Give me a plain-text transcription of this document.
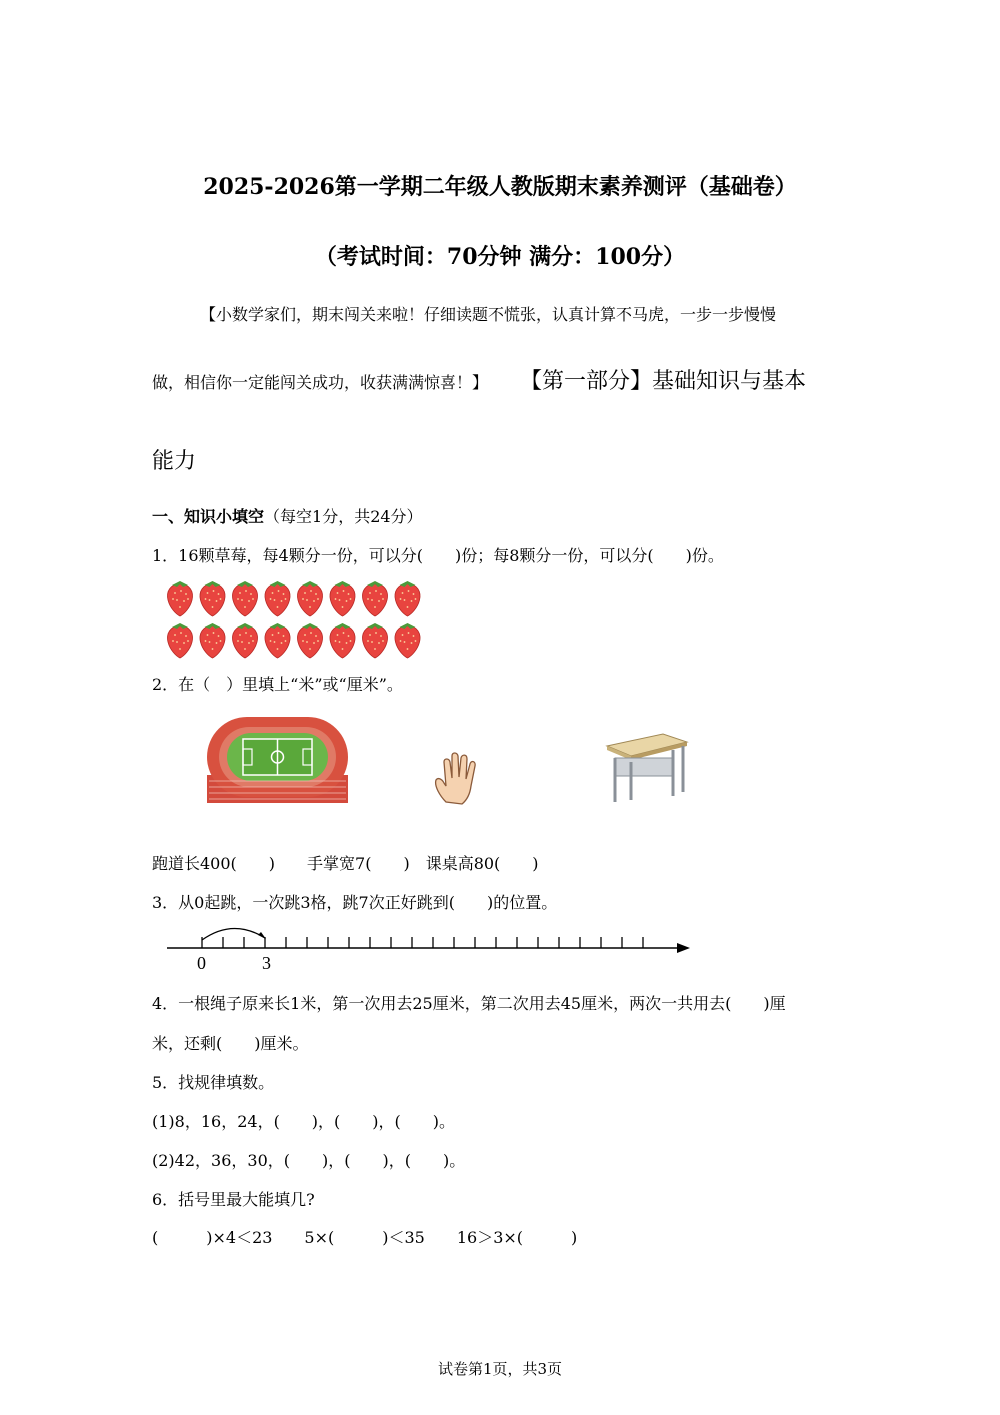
2025-2026第一学期二年级人教版期末素养测评（基础卷）
（考试时间：70分钟 满分：100分）
【小数学家们，期末闯关来啦！仔细读题不慌张，认真计算不马虎，一步一步慢慢
做，相信你一定能闯关成功，收获满满惊喜！】 【第一部分】基础知识与基本
能力
一、知识小填空（每空1分，共24分）
1．16颗草莓，每4颗分一份，可以分(　　)份；每8颗分一份，可以分(　　)份。
2．在（　）里填上“米”或“厘米”。
跑道长400(　　)　　手掌宽7(　　)　课桌高80(　　)
3．从0起跳，一次跳3格，跳7次正好跳到(　　)的位置。
0	3
4．一根绳子原来长1米，第一次用去25厘米，第二次用去45厘米，两次一共用去(　　)厘
米，还剩(　　)厘米。
5．找规律填数。
(1)8，16，24，(　　)，(　　)，(　　)。
(2)42，36，30，(　　)，(　　)，(　　)。
6．括号里最大能填几?
(　　　)×4＜23　　5×(　　　)＜35　　16＞3×(　　　)
试卷第1页，共3页
